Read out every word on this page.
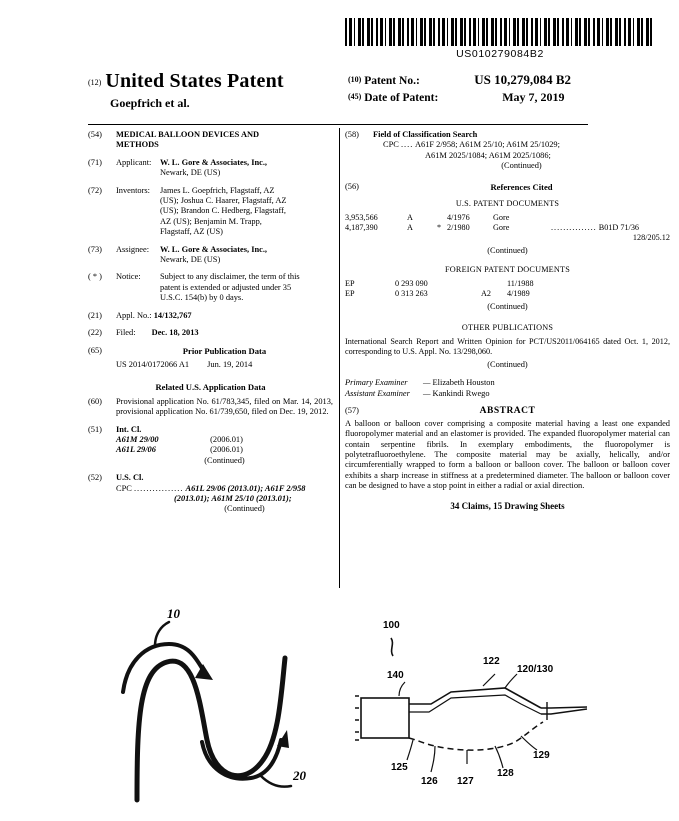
US010279084B2
(12) United States Patent
Goepfrich et al.
(10) Patent No.:	US 10,279,084 B2
(45) Date of Patent:	May 7, 2019
(54)	MEDICAL BALLOON DEVICES AND
METHODS
(71)	Applicant:	W. L. Gore & Associates, Inc.,
Newark, DE (US)
(72)	Inventors:	James L. Goepfrich, Flagstaff, AZ
(US); Joshua C. Haarer, Flagstaff, AZ
(US); Brandon C. Hedberg, Flagstaff,
AZ (US); Benjamin M. Trapp,
Flagstaff, AZ (US)
(73)	Assignee:	W. L. Gore & Associates, Inc.,
Newark, DE (US)
( * )	Notice:	Subject to any disclaimer, the term of this
patent is extended or adjusted under 35
U.S.C. 154(b) by 0 days.
(21)	Appl. No.: 14/132,767
(22)	Filed: Dec. 18, 2013
(65)	Prior Publication Data
US 2014/0172066 A1 Jun. 19, 2014
Related U.S. Application Data
(60)	Provisional application No. 61/783,345, filed on Mar. 14, 2013, provisional application No. 61/739,650, filed on Dec. 19, 2012.
(51)	Int. Cl.
A61M 29/00	(2006.01)
A61L 29/06	(2006.01)
(Continued)
(52)	U.S. Cl.
CPC ................ A61L 29/06 (2013.01); A61F 2/958
(2013.01); A61M 25/10 (2013.01);
(Continued)
(58)	Field of Classification Search
CPC .... A61F 2/958; A61M 25/10; A61M 25/1029;
A61M 2025/1084; A61M 2025/1086;
(Continued)
(56)	References Cited
U.S. PATENT DOCUMENTS
3,953,566	A		4/1976	Gore	
4,187,390	A	*	2/1980	Gore	............... B01D 71/36
					128/205.12
(Continued)
FOREIGN PATENT DOCUMENTS
EP		0 293 090		11/1988
EP		0 313 263	A2	4/1989
(Continued)
OTHER PUBLICATIONS
International Search Report and Written Opinion for PCT/US2011/064165 dated Oct. 1, 2012, corresponding to U.S. Appl. No. 13/298,060.
(Continued)
Primary Examiner — Elizabeth Houston
Assistant Examiner — Kankindi Rwego
(57)	ABSTRACT
A balloon or balloon cover comprising a composite material having a least one expanded fluoropolymer material and an elastomer is provided. The expanded fluoropolymer material can contain serpentine fibrils. In exemplary embodiments, the fluoropolymer is polytetrafluoroethylene. The composite material may be axially, helically, and/or circumferentially wrapped to form a balloon or balloon cover. The balloon or balloon cover exhibits a sharp increase in stiffness at a predetermined diameter. The balloon or balloon cover can be designed to have a stop point in either a radial or axial direction.
34 Claims, 15 Drawing Sheets
10
20
100
140
122
120/130
125
126 127
128
129
